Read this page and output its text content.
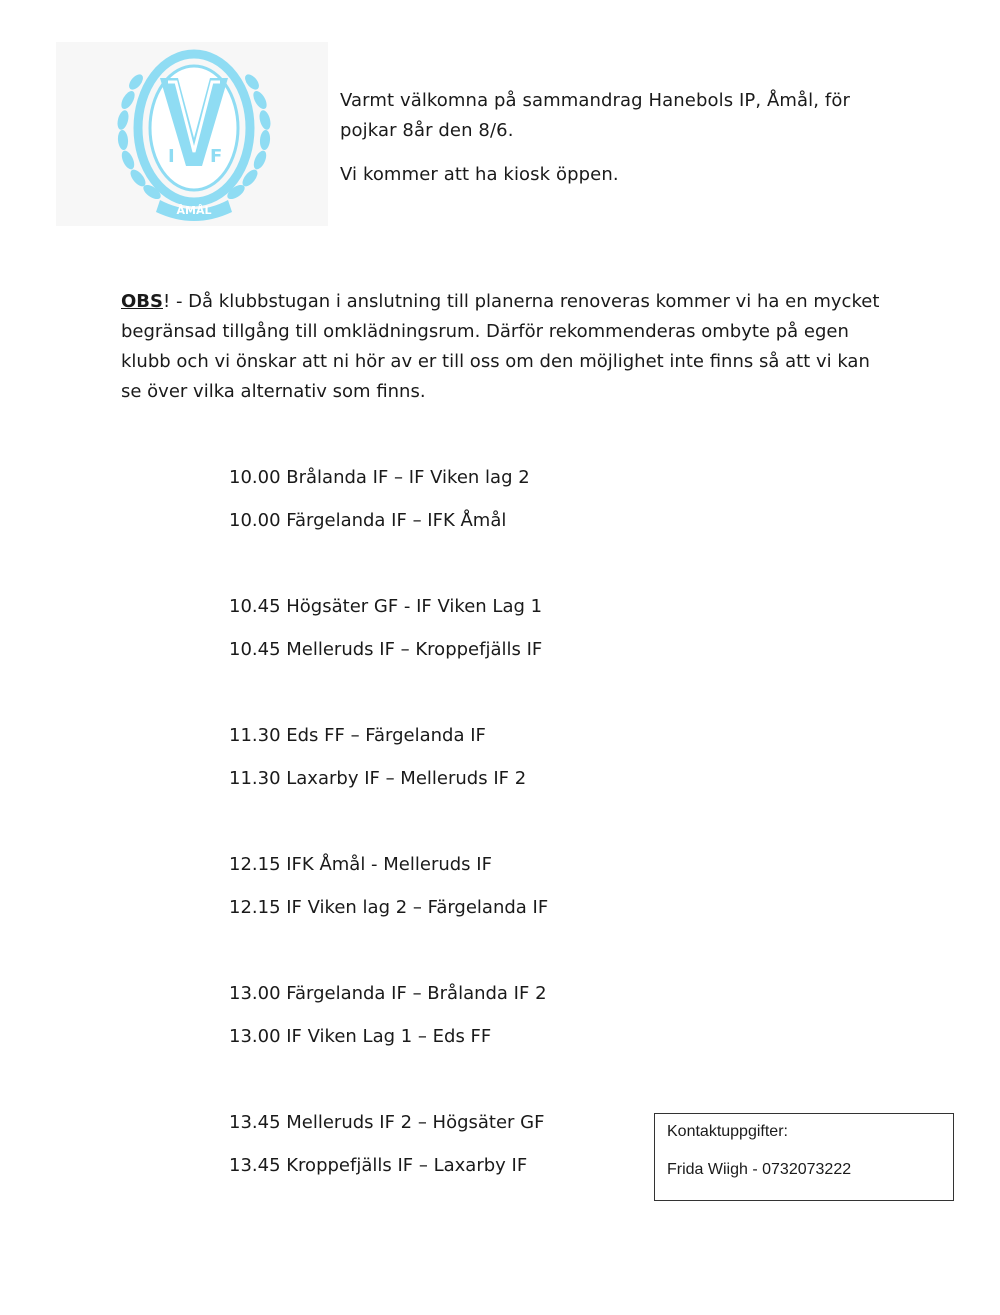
I F
ÅMÅL

Varmt välkomna på sammandrag Hanebols IP, Åmål, för pojkar 8år den 8/6.

Vi kommer att ha kiosk öppen.

OBS! - Då klubbstugan i anslutning till planerna renoveras kommer vi ha en mycket begränsad tillgång till omklädningsrum. Därför rekommenderas ombyte på egen klubb och vi önskar att ni hör av er till oss om den möjlighet inte finns så att vi kan se över vilka alternativ som finns.
10.00 Brålanda IF – IF Viken lag 2
10.00 Färgelanda IF – IFK Åmål
10.45 Högsäter GF - IF Viken Lag 1
10.45 Melleruds IF – Kroppefjälls IF
11.30 Eds FF – Färgelanda IF
11.30 Laxarby IF – Melleruds IF 2
12.15 IFK Åmål - Melleruds IF
12.15 IF Viken lag 2 – Färgelanda IF
13.00 Färgelanda IF – Brålanda IF 2
13.00 IF Viken Lag 1 – Eds FF
13.45 Melleruds IF 2 – Högsäter GF
13.45 Kroppefjälls IF – Laxarby IF
Kontaktuppgifter:
Frida Wiigh - 0732073222
